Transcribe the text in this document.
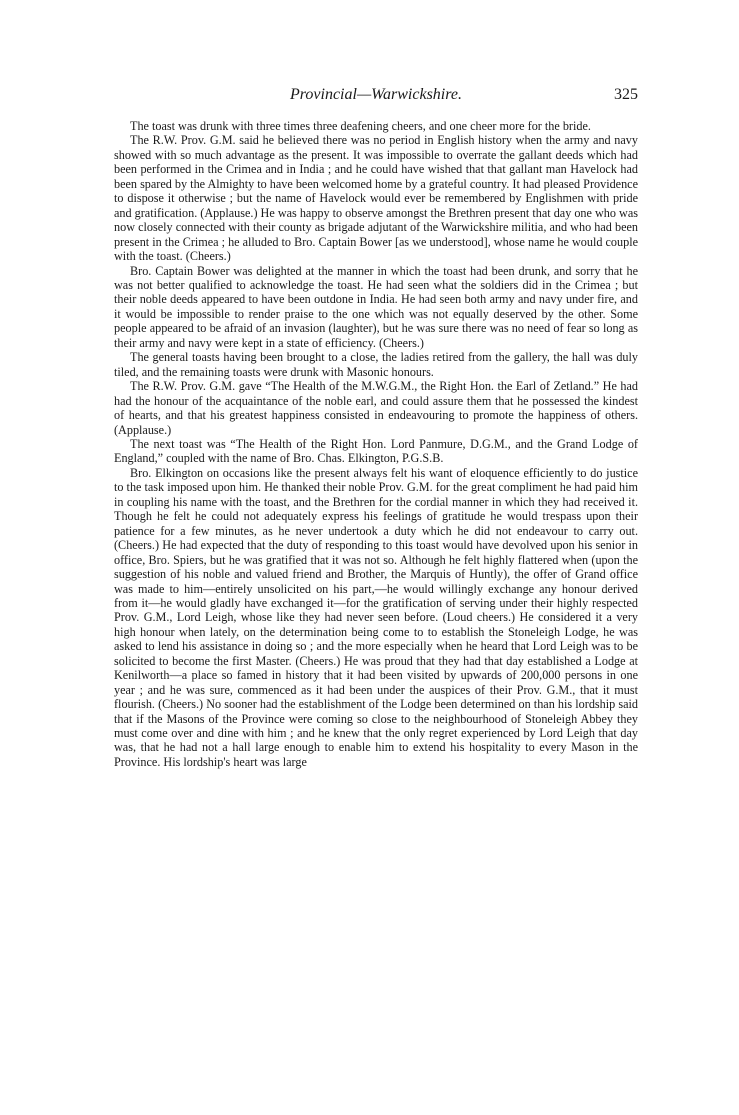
Provincial—Warwickshire.	325

The toast was drunk with three times three deafening cheers, and one cheer more for the bride.

The R.W. Prov. G.M. said he believed there was no period in English history when the army and navy showed with so much advantage as the present. It was impossible to overrate the gallant deeds which had been performed in the Crimea and in India ; and he could have wished that that gallant man Havelock had been spared by the Almighty to have been welcomed home by a grateful country. It had pleased Providence to dispose it otherwise ; but the name of Havelock would ever be remembered by Englishmen with pride and gratification. (Applause.) He was happy to observe amongst the Brethren present that day one who was now closely connected with their county as brigade adjutant of the Warwickshire militia, and who had been present in the Crimea ; he alluded to Bro. Captain Bower [as we understood], whose name he would couple with the toast. (Cheers.)

Bro. Captain Bower was delighted at the manner in which the toast had been drunk, and sorry that he was not better qualified to acknowledge the toast. He had seen what the soldiers did in the Crimea ; but their noble deeds appeared to have been outdone in India. He had seen both army and navy under fire, and it would be impossible to render praise to the one which was not equally deserved by the other. Some people appeared to be afraid of an invasion (laughter), but he was sure there was no need of fear so long as their army and navy were kept in a state of efficiency. (Cheers.)

The general toasts having been brought to a close, the ladies retired from the gallery, the hall was duly tiled, and the remaining toasts were drunk with Masonic honours.

The R.W. Prov. G.M. gave “The Health of the M.W.G.M., the Right Hon. the Earl of Zetland.” He had had the honour of the acquaintance of the noble earl, and could assure them that he possessed the kindest of hearts, and that his greatest happiness consisted in endeavouring to promote the happiness of others. (Applause.)

The next toast was “The Health of the Right Hon. Lord Panmure, D.G.M., and the Grand Lodge of England,” coupled with the name of Bro. Chas. Elkington, P.G.S.B.

Bro. Elkington on occasions like the present always felt his want of eloquence efficiently to do justice to the task imposed upon him. He thanked their noble Prov. G.M. for the great compliment he had paid him in coupling his name with the toast, and the Brethren for the cordial manner in which they had received it. Though he felt he could not adequately express his feelings of gratitude he would trespass upon their patience for a few minutes, as he never undertook a duty which he did not endeavour to carry out. (Cheers.) He had expected that the duty of responding to this toast would have devolved upon his senior in office, Bro. Spiers, but he was gratified that it was not so. Although he felt highly flattered when (upon the suggestion of his noble and valued friend and Brother, the Marquis of Huntly), the offer of Grand office was made to him—entirely unsolicited on his part,—he would willingly exchange any honour derived from it—he would gladly have exchanged it—for the gratification of serving under their highly respected Prov. G.M., Lord Leigh, whose like they had never seen before. (Loud cheers.) He considered it a very high honour when lately, on the determination being come to to establish the Stoneleigh Lodge, he was asked to lend his assistance in doing so ; and the more especially when he heard that Lord Leigh was to be solicited to become the first Master. (Cheers.) He was proud that they had that day established a Lodge at Kenilworth—a place so famed in history that it had been visited by upwards of 200,000 persons in one year ; and he was sure, commenced as it had been under the auspices of their Prov. G.M., that it must flourish. (Cheers.) No sooner had the establishment of the Lodge been determined on than his lordship said that if the Masons of the Province were coming so close to the neighbourhood of Stoneleigh Abbey they must come over and dine with him ; and he knew that the only regret experienced by Lord Leigh that day was, that he had not a hall large enough to enable him to extend his hospitality to every Mason in the Province. His lordship's heart was large
